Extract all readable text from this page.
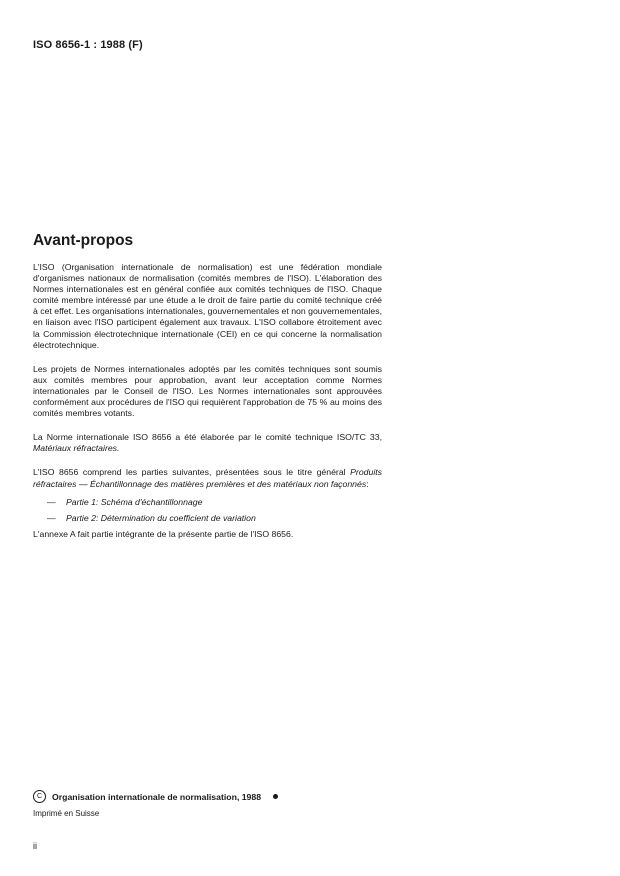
ISO 8656-1 : 1988 (F)
Avant-propos

L'ISO (Organisation internationale de normalisation) est une fédération mondiale d'organismes nationaux de normalisation (comités membres de l'ISO). L'élaboration des Normes internationales est en général confiée aux comités techniques de l'ISO. Chaque comité membre intéressé par une étude a le droit de faire partie du comité technique créé à cet effet. Les organisations internationales, gouvernementales et non gouvernementales, en liaison avec l'ISO participent également aux travaux. L'ISO collabore étroitement avec la Commission électrotechnique internationale (CEI) en ce qui concerne la normalisation électrotechnique.

Les projets de Normes internationales adoptés par les comités techniques sont soumis aux comités membres pour approbation, avant leur acceptation comme Normes internationales par le Conseil de l'ISO. Les Normes internationales sont approuvées conformément aux procédures de l'ISO qui requièrent l'approbation de 75 % au moins des comités membres votants.

La Norme internationale ISO 8656 a été élaborée par le comité technique ISO/TC 33, Matériaux réfractaires.

L'ISO 8656 comprend les parties suivantes, présentées sous le titre général Produits réfractaires — Échantillonnage des matières premières et des matériaux non façonnés:

— Partie 1: Schéma d'échantillonnage
— Partie 2: Détermination du coefficient de variation

L'annexe A fait partie intégrante de la présente partie de l'ISO 8656.

C	Organisation internationale de normalisation, 1988
Imprimé en Suisse
ii
